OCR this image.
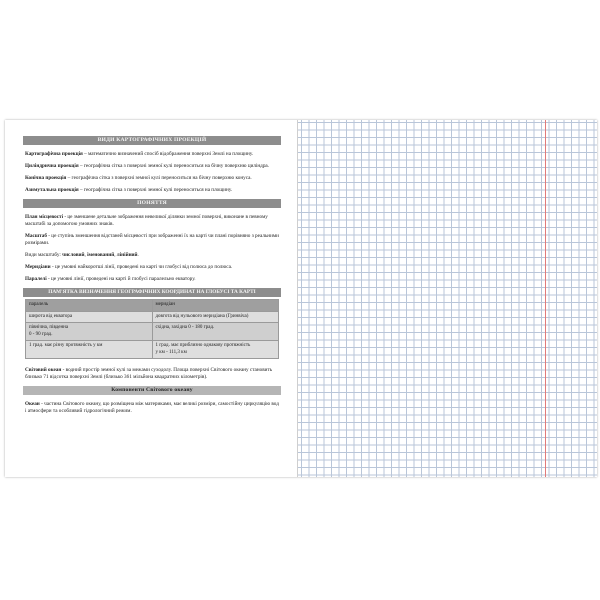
ВИДИ КАРТОГРАФІЧНИХ ПРОЕКЦІЙ
Картографічна проекція – математично визначений спосіб відображення поверхні Землі на площину.
Циліндрична проекція – географічна сітка з поверхні земної кулі переноситься на бічну поверхню циліндра.
Конічна проекція – географічна сітка з поверхні земної кулі переноситься на бічну поверхню конуса.
Азимутальна проекція – географічна сітка з поверхні земної кулі переноситься на площину.
ПОНЯТТЯ
План місцевості - це зменшене детальне зображення невеликої ділянки земної поверхні, виконане в певному масштабі за допомогою умовних знаків.
Масштаб - це ступінь зменшення відстаней місцевості при зображенні їх на карті чи плані порівняно з реальними розмірами.
Види масштабу: числовий, іменований, лінійний.
Меридіани - це умовні найкоротші лінії, проведені на карті чи глобусі від полюса до полюса.
Паралелі - це умовні лінії, проведені на карті й глобусі паралельно екватору.
ПАМ'ЯТКА ВИЗНАЧЕННЯ ГЕОГРАФІЧНИХ КООРДИНАТ НА ГЛОБУСІ ТА КАРТІ
паралель	меридіан
широта від екватора	довгота від нульового меридіана (Гринвіча)
північна, південна
0 - 90 град.	східна, західна 0 - 180 град.
1 град. має різну протяжність у км	1 град. має приблизно однакову протяжність
у км - 111,3 км
Світовий океан - водний простір земної кулі за межами суходолу. Площа поверхні Світового океану становить близько 71 відсотка поверхні Землі (близько 361 мільйона квадратних кілометрів).
Компоненти Світового океану
Океан - частина Світового океану, що розміщена між материками, має великі розміри, самостійну циркуляцію вод і атмосфери та особливий гідрологічний режим.
